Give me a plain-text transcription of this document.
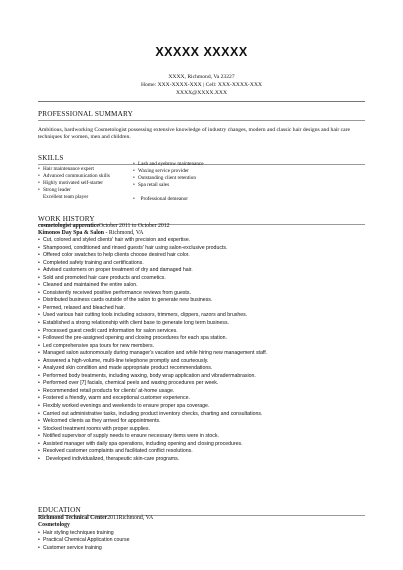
XXXXX XXXXX
XXXX, Richmond, Va 23227
Home: XXX-XXXX-XXX | Cell: XXX-XXXX-XXX
XXXX@XXXX.XXX
PROFESSIONAL SUMMARY
Ambitious, hardworking Cosmetologist possessing extensive knowledge of industry changes, modern and classic hair designs and hair care techniques for women, men and children.
SKILLS
• Hair maintenance expert
• Advanced communication skills
• Highly motivated self-starter
• Strong leader
Excellent team player
• Lash and eyebrow maintenance
• Waxing service provider
• Outstanding client retention
• Spa retail sales

• Professional demeanor
WORK HISTORY
cosmetologist apprenticeOctober 2011 to October 2012
Kimonos Day Spa & Salon - Richmond, VA
• Cut, colored and styled clients' hair with precision and expertise.
• Shampooed, conditioned and rinsed guests' hair using salon-exclusive products.
• Offered color swatches to help clients choose desired hair color.
• Completed safety training and certifications.
• Advised customers on proper treatment of dry and damaged hair.
• Sold and promoted hair care products and cosmetics.
• Cleaned and maintained the entire salon.
• Consistently received positive performance reviews from guests.
• Distributed business cards outside of the salon to generate new business.
• Permed, relaxed and bleached hair.
• Used various hair cutting tools including scissors, trimmers, clippers, razors and brushes.
• Established a strong relationship with client base to generate long term business.
• Processed guest credit card information for salon services.
• Followed the pre-assigned opening and closing procedures for each spa station.
• Led comprehensive spa tours for new members.
• Managed salon autonomously during manager's vacation and while hiring new management staff.
• Answered a high-volume, multi-line telephone promptly and courteously.
• Analyzed skin condition and made appropriate product recommendations.
• Performed body treatments, including waxing, body wrap application and vibradermabrasion.
• Performed over [7] facials, chemical peels and waxing procedures per week.
• Recommended retail products for clients' at-home usage.
• Fostered a friendly, warm and exceptional customer experience.
• Flexibly worked evenings and weekends to ensure proper spa coverage.
• Carried out administrative tasks, including product inventory checks, charting and consultations.
• Welcomed clients as they arrived for appointments.
• Stocked treatment rooms with proper supplies.
• Notified supervisor of supply needs to ensure necessary items were in stock.
• Assisted manager with daily spa operations, including opening and closing procedures.
• Resolved customer complaints and facilitated conflict resolutions.
• Developed individualized, therapeutic skin-care programs.
EDUCATION
Richmond Technical Center2011Richmond, VA
Cosmetology
• Hair styling techniques training
• Practical Chemical Application course
• Customer service training
